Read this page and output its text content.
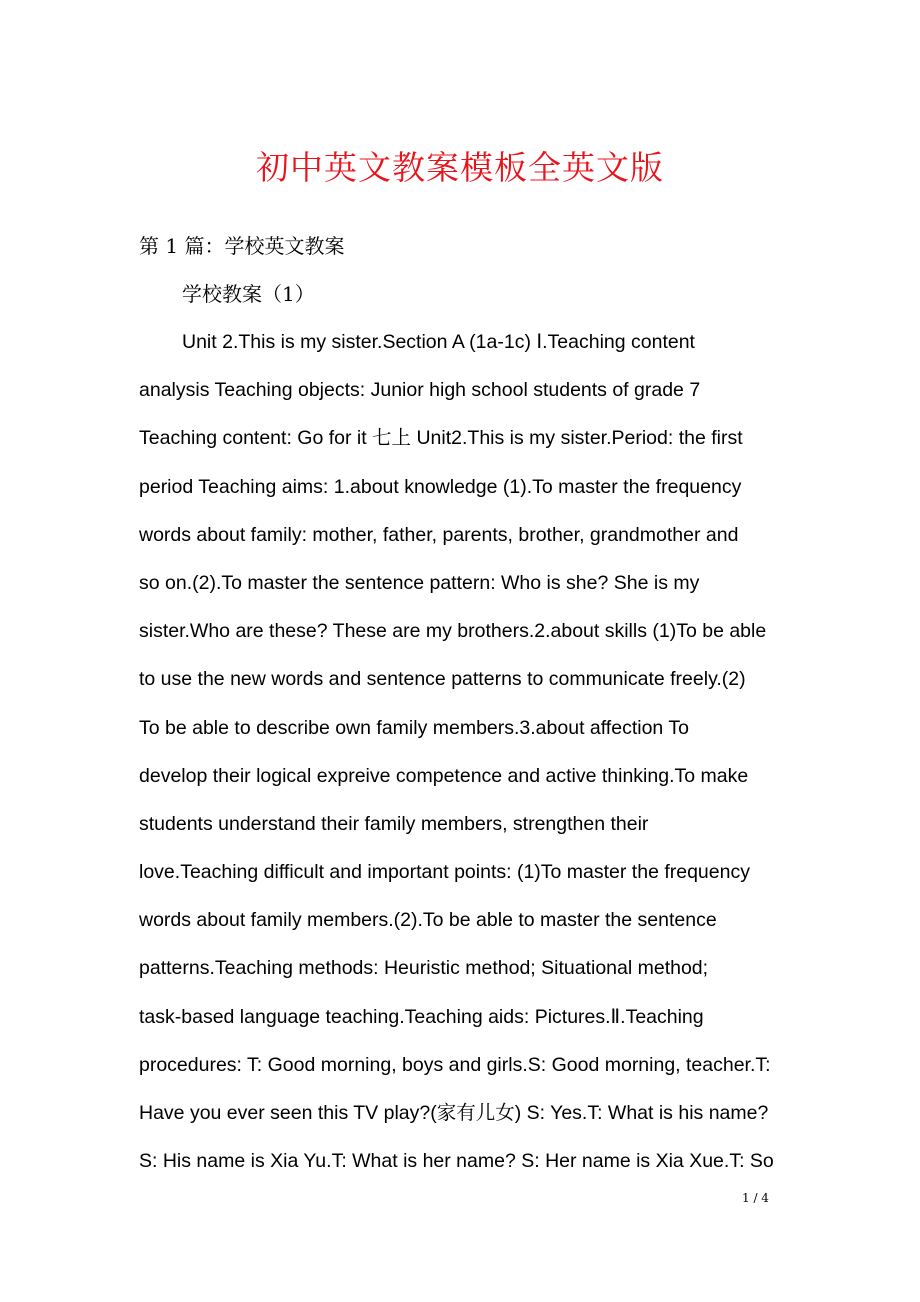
初中英文教案模板全英文版
第 1 篇：学校英文教案
学校教案（1）
Unit 2.This is my sister.Section A (1a-1c) Ⅰ.Teaching content
analysis Teaching objects: Junior high school students of grade 7
Teaching content: Go for it 七上 Unit2.This is my sister.Period: the first
period Teaching aims: 1.about knowledge (1).To master the frequency
words about family: mother, father, parents, brother, grandmother and
so on.(2).To master the sentence pattern: Who is she? She is my
sister.Who are these? These are my brothers.2.about skills (1)To be able
to use the new words and sentence patterns to communicate freely.(2)
To be able to describe own family members.3.about affection To
develop their logical expreive competence and active thinking.To make
students understand their family members, strengthen their
love.Teaching difficult and important points: (1)To master the frequency
words about family members.(2).To be able to master the sentence
patterns.Teaching methods: Heuristic method; Situational method;
task-based language teaching.Teaching aids: Pictures.Ⅱ.Teaching
procedures: T: Good morning, boys and girls.S: Good morning, teacher.T:
Have you ever seen this TV play?(家有儿女) S: Yes.T: What is his name?
S: His name is Xia Yu.T: What is her name? S: Her name is Xia Xue.T: So
1 / 4
